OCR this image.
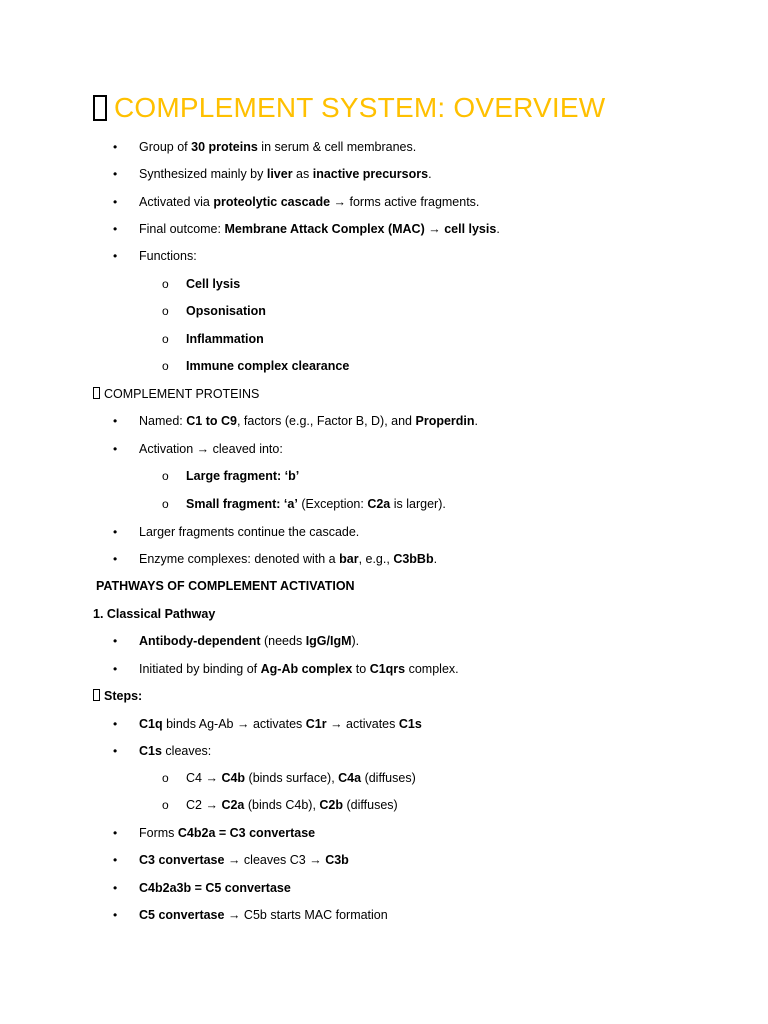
COMPLEMENT SYSTEM: OVERVIEW
• Group of 30 proteins in serum & cell membranes.
• Synthesized mainly by liver as inactive precursors.
• Activated via proteolytic cascade → forms active fragments.
• Final outcome: Membrane Attack Complex (MAC) → cell lysis.
• Functions:
o Cell lysis
o Opsonisation
o Inflammation
o Immune complex clearance
COMPLEMENT PROTEINS
• Named: C1 to C9, factors (e.g., Factor B, D), and Properdin.
• Activation → cleaved into:
o Large fragment: ‘b’
o Small fragment: ‘a’ (Exception: C2a is larger).
• Larger fragments continue the cascade.
• Enzyme complexes: denoted with a bar, e.g., C3bBb.
PATHWAYS OF COMPLEMENT ACTIVATION
1. Classical Pathway
• Antibody-dependent (needs IgG/IgM).
• Initiated by binding of Ag-Ab complex to C1qrs complex.
Steps:
• C1q binds Ag-Ab → activates C1r → activates C1s
• C1s cleaves:
o C4 → C4b (binds surface), C4a (diffuses)
o C2 → C2a (binds C4b), C2b (diffuses)
• Forms C4b2a = C3 convertase
• C3 convertase → cleaves C3 → C3b
• C4b2a3b = C5 convertase
• C5 convertase → C5b starts MAC formation
